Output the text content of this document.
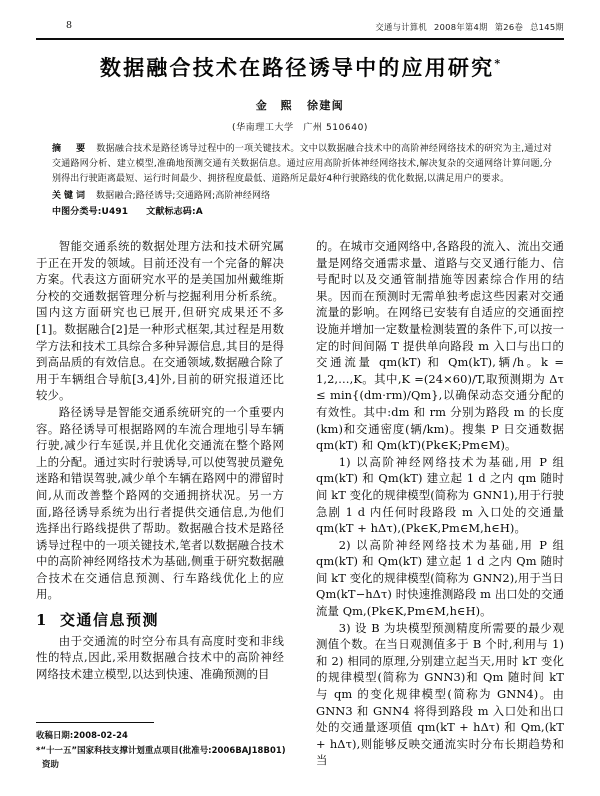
8	交通与计算机 2008年第4期 第26卷 总145期
数据融合技术在路径诱导中的应用研究*
金　熙 徐建闽
(华南理工大学　广州 510640)
摘　要 数据融合技术是路径诱导过程中的一项关键技术。文中以数据融合技术中的高阶神经网络技术的研究为主,通过对交通路网分析、建立模型,准确地预测交通有关数据信息。通过应用高阶折体神经网络技术,解决复杂的交通网络计算问题,分别得出行驶距离最短、运行时间最少、拥挤程度最低、道路所足最好4种行驶路线的优化数据,以满足用户的要求。
关键词 数据融合;路径诱导;交通路网;高阶神经网络
中图分类号:U491 文献标志码:A

智能交通系统的数据处理方法和技术研究属于正在开发的领域。目前还没有一个完备的解决方案。代表这方面研究水平的是美国加州戴维斯分校的交通数据管理分析与挖掘利用分析系统。国内这方面研究也已展开,但研究成果还不多[1]。数据融合[2]是一种形式框架,其过程是用数学方法和技术工具综合多种异源信息,其目的是得到高品质的有效信息。在交通领域,数据融合除了用于车辆组合导航[3,4]外,目前的研究报道还比较少。

路径诱导是智能交通系统研究的一个重要内容。路径诱导可根据路网的车流合理地引导车辆行驶,减少行车延误,并且优化交通流在整个路网上的分配。通过实时行驶诱导,可以使驾驶员避免迷路和错误驾驶,减少单个车辆在路网中的滞留时间,从而改善整个路网的交通拥挤状况。另一方面,路径诱导系统为出行者提供交通信息,为他们选择出行路线提供了帮助。数据融合技术是路径诱导过程中的一项关键技术,笔者以数据融合技术中的高阶神经网络技术为基础,侧重于研究数据融合技术在交通信息预测、行车路线优化上的应用。

1 交通信息预测

由于交通流的时空分布具有高度时变和非线性的特点,因此,采用数据融合技术中的高阶神经网络技术建立模型,以达到快速、准确预测的目

的。在城市交通网络中,各路段的流入、流出交通量是网络交通需求量、道路与交叉通行能力、信号配时以及交通管制措施等因素综合作用的结果。因而在预测时无需单独考虑这些因素对交通流量的影响。在网络已安装有自适应的交通面控设施并增加一定数量检测装置的条件下,可以按一定的时间间隔 T 提供单向路段 m 入口与出口的交通流量 qm(kT) 和 Qm(kT),辆/h。k = 1,2,…,K。其中,K =(24×60)/T,取预测期为 Δτ ≤ min{(dm·rm)/Qm},以确保动态交通分配的有效性。其中:dm 和 rm 分别为路段 m 的长度(km)和交通密度(辆/km)。搜集 P 日交通数据 qm(kT) 和 Qm(kT)(Pk∈K;Pm∈M)。

1) 以高阶神经网络技术为基础,用 P 组 qm(kT) 和 Qm(kT) 建立起 1 d 之内 qm 随时间 kT 变化的规律模型(简称为 GNN1),用于行驶急剧 1 d 内任何时段路段 m 入口处的交通量 qm(kT + hΔτ),(Pk∈K,Pm∈M,h∈H)。

2) 以高阶神经网络技术为基础,用 P 组 qm(kT) 和 Qm(kT) 建立起 1 d 之内 Qm 随时间 kT 变化的规律模型(简称为 GNN2),用于当日 Qm(kT−hΔτ) 时快速推测路段 m 出口处的交通流量 Qm,(Pk∈K,Pm∈M,h∈H)。

3) 设 B 为块模型预测精度所需要的最少观测值个数。在当日观测值多于 B 个时,利用与 1) 和 2) 相同的原理,分别建立起当天,用时 kT 变化的规律模型(简称为 GNN3)和 Qm 随时间 kT 与 qm 的变化规律模型(简称为 GNN4)。由 GNN3 和 GNN4 将得到路段 m 入口处和出口处的交通量逐项值 qm(kT + hΔτ) 和 Qm,(kT + hΔτ),则能够反映交通流实时分布长期趋势和当

收稿日期:2008-02-24
*“十一五”国家科技支撑计划重点项目(批准号:2006BAJ18B01)资助
